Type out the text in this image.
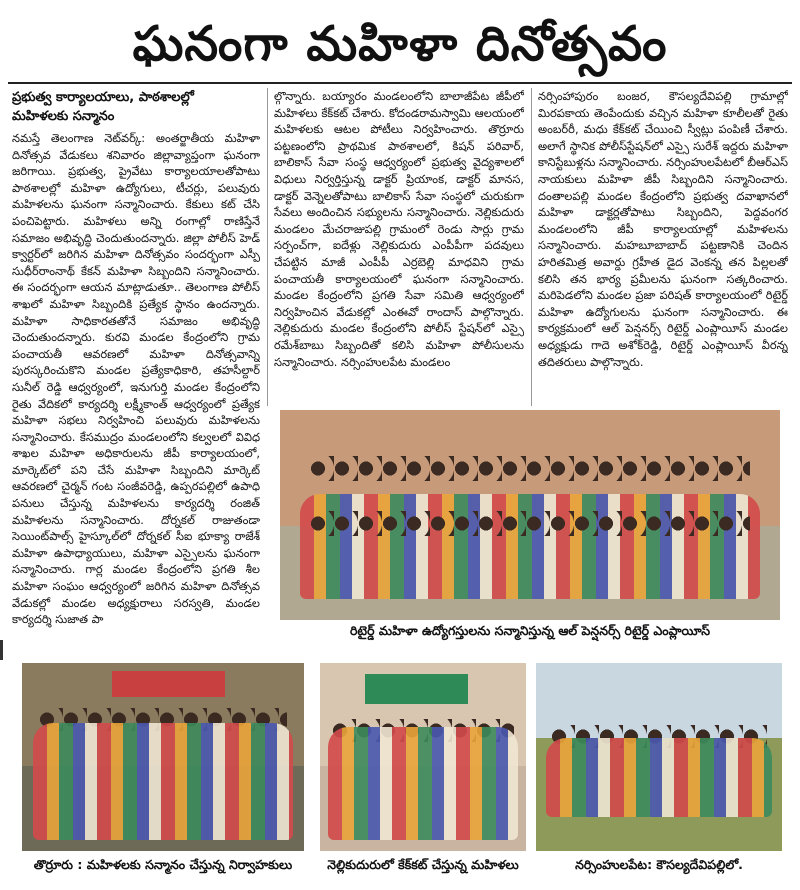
ఘనంగా మహిళా దినోత్సవం
ప్రభుత్వ కార్యాలయాలు, పాఠశాలల్లో
మహిళలకు సన్మానం

నమస్తే తెలంగాణ నెట్‌వర్క్‌: అంతర్జాతీయ మహిళా దినోత్సవ వేడుకలు శనివారం జిల్లావ్యాప్తంగా ఘనంగా జరిగాయి. ప్రభుత్వ, ప్రైవేటు కార్యాలయాలతోపాటు పాఠశాలల్లో మహిళా ఉద్యోగులు, టీచర్లు, పలువురు మహిళలను ఘనంగా సన్మానించారు. కేకులు కట్‌ చేసి పంచిపెట్టారు. మహిళలు అన్ని రంగాల్లో రాణిస్తేనే సమాజం అభివృద్ధి చెందుతుందన్నారు. జిల్లా పోలీస్‌ హెడ్‌ క్వార్టర్‌లో జరిగిన మహిళా దినోత్సవం సందర్భంగా ఎస్పీ సుధీర్‌రాంనాథ్‌ కేకన్‌ మహిళా సిబ్బందిని సన్మానించారు. ఈ సందర్భంగా ఆయన మాట్లాడుతూ.. తెలంగాణ పోలీస్‌ శాఖలో మహిళా సిబ్బందికి ప్రత్యేక స్థానం ఉందన్నారు. మహిళా సాధికారతతోనే సమాజం అభివృద్ధి చెందుతుందన్నారు. కురవి మండల కేంద్రంలోని గ్రామ పంచాయతీ ఆవరణలో మహిళా దినోత్సవాన్ని పురస్కరించుకొని మండల ప్రత్యేకాధికారి, తహసీల్దార్‌ సునీల్‌ రెడ్డి ఆధ్వర్యంలో, ఇనుగుర్తి మండల కేంద్రంలోని రైతు వేదికలో కార్యదర్శి లక్ష్మీకాంత్‌ ఆధ్వర్యంలో ప్రత్యేక మహిళా సభలు నిర్వహించి పలువురు మహిళలను సన్మానించారు. కేసముద్రం మండలంలోని కల్వలలో వివిధ శాఖల మహిళా అధికారులను జీపీ కార్యాలయంలో, మార్కెట్‌లో పని చేసే మహిళా సిబ్బందిని మార్కెట్‌ ఆవరణలో చైర్మన్‌ గంట సంజీవరెడ్డి, ఉప్పరపల్లిలో ఉపాధి పనులు చేస్తున్న మహిళలను కార్యదర్శి రంజిత్‌ మహిళలను సన్మానించారు. దోర్నకల్‌ రాజుతండా సెయింట్‌పాల్స్‌ హైస్కూల్‌లో దోర్నకల్‌ సీఐ భూక్యా రాజేశ్‌ మహిళా ఉపాధ్యాయులు, మహిళా ఎస్సైలను ఘనంగా సన్మానించారు. గార్ల మండల కేంద్రంలోని ప్రగతి శీల మహిళా సంఘం ఆధ్వర్యంలో జరిగిన మహిళా దినోత్సవ వేడుకల్లో మండల అధ్యక్షురాలు సరస్వతి, మండల కార్యదర్శి సుజాత పా

ల్గొన్నారు. బయ్యారం మండలంలోని బాలాజీపేట జీపీలో మహిళలు కేక్‌కట్‌ చేశారు. కోదండరామస్వామి ఆలయంలో మహిళలకు ఆటల పోటీలు నిర్వహించారు. తొర్రూరు పట్టణంలోని ప్రాథమిక పాఠశాలలో, కిషన్‌ పరివార్‌, బాలికాస్‌ సేవా సంస్థ ఆధ్వర్యంలో ప్రభుత్వ వైద్యశాలలో విధులు నిర్వర్తిస్తున్న డాక్టర్‌ ప్రియాంక, డాక్టర్‌ మానస, డాక్టర్‌ వెన్నెలతోపాటు బాలికాస్‌ సేవా సంస్థలో చురుకుగా సేవలు అందించిన సభ్యులను సన్మానించారు. నెల్లికుదురు మండలం మేచరాజుపల్లి గ్రామంలో రెండు సార్లు గ్రామ సర్పంచ్‌గా, ఐదేళ్లు నెల్లికుదురు ఎంపీపీగా పదవులు చేపట్టిన మాజీ ఎంపీపీ ఎర్రబెల్లి మాధవిని గ్రామ పంచాయతీ కార్యాలయంలో ఘనంగా సన్మానించారు. మండల కేంద్రంలోని ప్రగతి సేవా సమితి ఆధ్వర్యంలో నిర్వహించిన వేడుకల్లో ఎంఈవో రాందాస్‌ పాల్గొన్నారు. నెల్లికుదురు మండల కేంద్రంలోని పోలీస్‌ స్టేషన్‌లో ఎస్సై రమేశ్‌బాబు సిబ్బందితో కలిసి మహిళా పోలీసులను సన్మానించారు. నర్సింహులపేట మండలం

నర్సింహాపురం బంజర, కౌసల్యదేవిపల్లి గ్రామాల్లో మిరపకాయ తెంపేందుకు వచ్చిన మహిళా కూలీలతో రైతు అంబర్‌రీ, మధు కేక్‌కట్‌ చేయించి స్వీట్లు పంపిణీ చేశారు. అలాగే స్థానిక పోలీస్‌స్టేషన్‌లో ఎస్సై సురేశ్‌ ఇద్దరు మహిళా కానిస్టేబుళ్లను సన్మానించారు. నర్సింహులపేటలో బీఆర్‌ఎస్‌ నాయకులు మహిళా జీపీ సిబ్బందిని సన్మానించారు. దంతాలపల్లి మండల కేంద్రంలోని ప్రభుత్వ దవాఖానలో మహిళా డాక్టర్లతోపాటు సిబ్బందిని, పెద్దవంగర మండలంలోని జీపీ కార్యాలయాల్లో మహిళలను సన్మానించారు. మహబూబాబాద్‌ పట్టణానికి చెందిన హరితమిత్ర అవార్డు గ్రహీత డైద వెంకన్న తన పిల్లలతో కలిసి తన భార్య ప్రమీలను ఘనంగా సత్కరించారు. మరిపెడలోని మండల ప్రజా పరిషత్‌ కార్యాలయంలో రిటైర్డ్‌ మహిళా ఉద్యోగులను ఘనంగా సన్మానించారు. ఈ కార్యక్రమంలో ఆల్‌ పెన్షనర్స్‌ రిటైర్డ్‌ ఎంప్లాయీస్‌ మండల అధ్యక్షుడు గాదె అశోక్‌రెడ్డి, రిటైర్డ్‌ ఎంప్లాయీస్‌ వీరన్న తదితరులు పాల్గొన్నారు.

రిటైర్డ్‌ మహిళా ఉద్యోగస్తులను సన్మానిస్తున్న ఆల్‌ పెన్షనర్స్‌ రిటైర్డ్‌ ఎంప్లాయీస్‌
తొర్రూరు : మహిళలకు సన్మానం చేస్తున్న నిర్వాహకులు	నెల్లికుదురులో కేక్‌కట్‌ చేస్తున్న మహిళలు	నర్సింహులపేట: కౌసల్యదేవిపల్లిలో.
